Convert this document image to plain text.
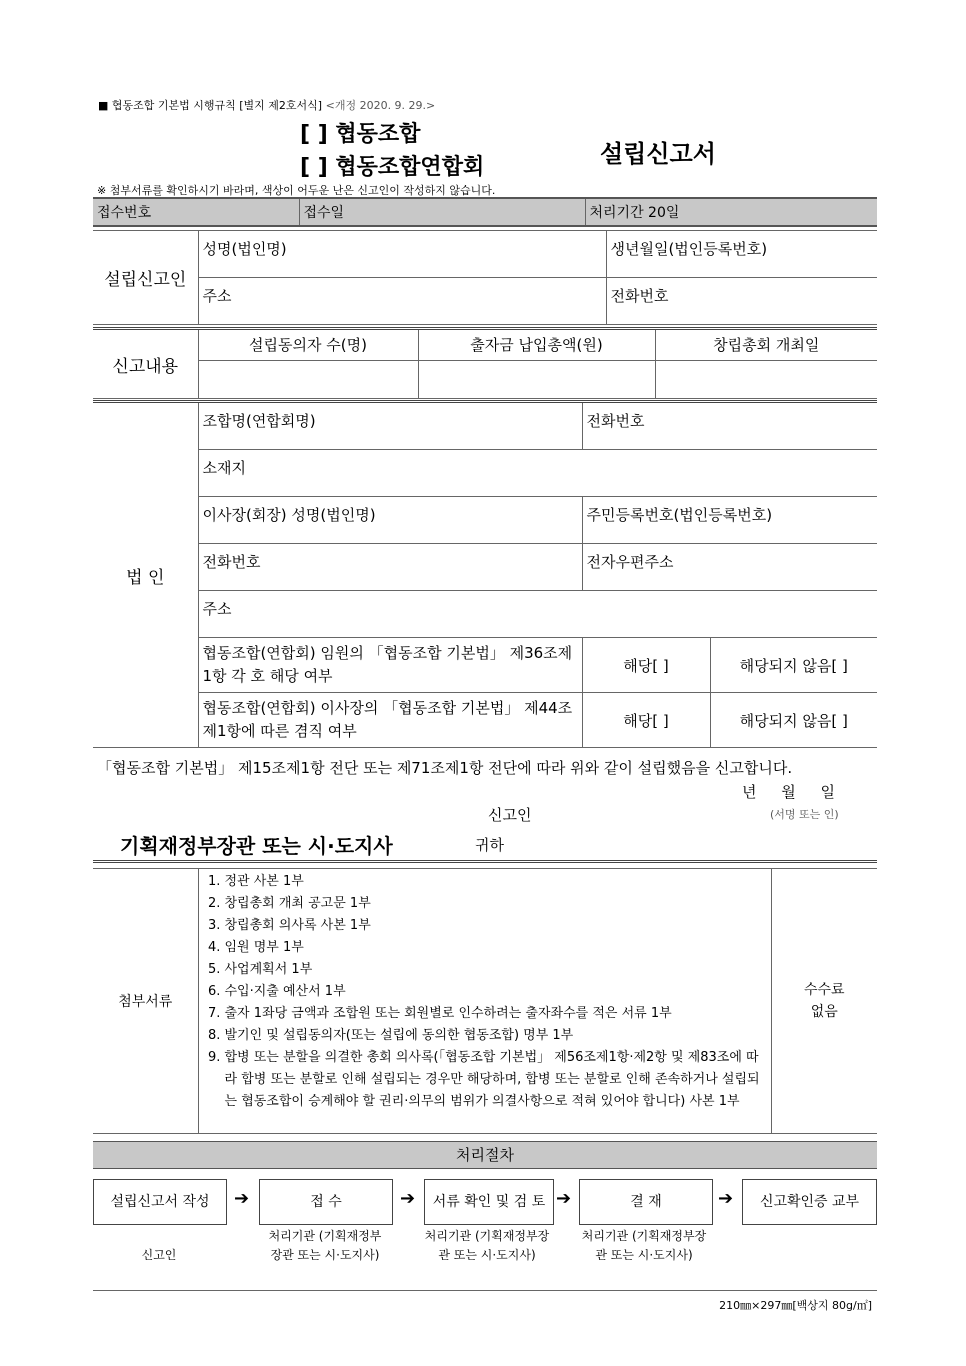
■ 협동조합 기본법 시행규칙 [별지 제2호서식] <개정 2020. 9. 29.>
[ ] 협동조합
[ ] 협동조합연합회	설립신고서
※ 첨부서류를 확인하시기 바라며, 색상이 어두운 난은 신고인이 작성하지 않습니다.
접수번호	접수일	처리기간 20일
설립신고인	성명(법인명)	생년월일(법인등록번호)
	주소	전화번호
신고내용	설립동의자 수(명)	출자금 납입총액(원)	창립총회 개최일

법 인	조합명(연합회명)	전화번호	
	소재지		
	이사장(회장) 성명(법인명)	주민등록번호(법인등록번호)	
	전화번호	전자우편주소	
	주소		
	협동조합(연합회) 임원의 「협동조합 기본법」 제36조제1항 각 호 해당 여부	해당[ ]	해당되지 않음[ ]
	협동조합(연합회) 이사장의 「협동조합 기본법」 제44조제1항에 따른 겸직 여부	해당[ ]	해당되지 않음[ ]
「협동조합 기본법」 제15조제1항 전단 또는 제71조제1항 전단에 따라 위와 같이 설립했음을 신고합니다.
년 월 일
신고인	(서명 또는 인)
기획재정부장관 또는 시·도지사	귀하
첨부서류	
1. 정관 사본 1부
2. 창립총회 개최 공고문 1부
3. 창립총회 의사록 사본 1부
4. 임원 명부 1부
5. 사업계획서 1부
6. 수입·지출 예산서 1부
7. 출자 1좌당 금액과 조합원 또는 회원별로 인수하려는 출자좌수를 적은 서류 1부
8. 발기인 및 설립동의자(또는 설립에 동의한 협동조합) 명부 1부
9. 합병 또는 분할을 의결한 총회 의사록(「협동조합 기본법」 제56조제1항·제2항 및 제83조에 따라 합병 또는 분할로 인해 설립되는 경우만 해당하며, 합병 또는 분할로 인해 존속하거나 설립되는 협동조합이 승계해야 할 권리·의무의 범위가 의결사항으로 적혀 있어야 합니다) 사본 1부

수수료
없음
처리절차
설립신고서 작성	➔	접 수	➔	서류 확인 및 검 토 ➔	결 재	➔	신고확인증 교부
신고인
처리기관 (기획재정부장관 또는 시·도지사)
처리기관 (기획재정부장관 또는 시·도지사)
처리기관 (기획재정부장관 또는 시·도지사)
210㎜×297㎜[백상지 80g/㎡]
